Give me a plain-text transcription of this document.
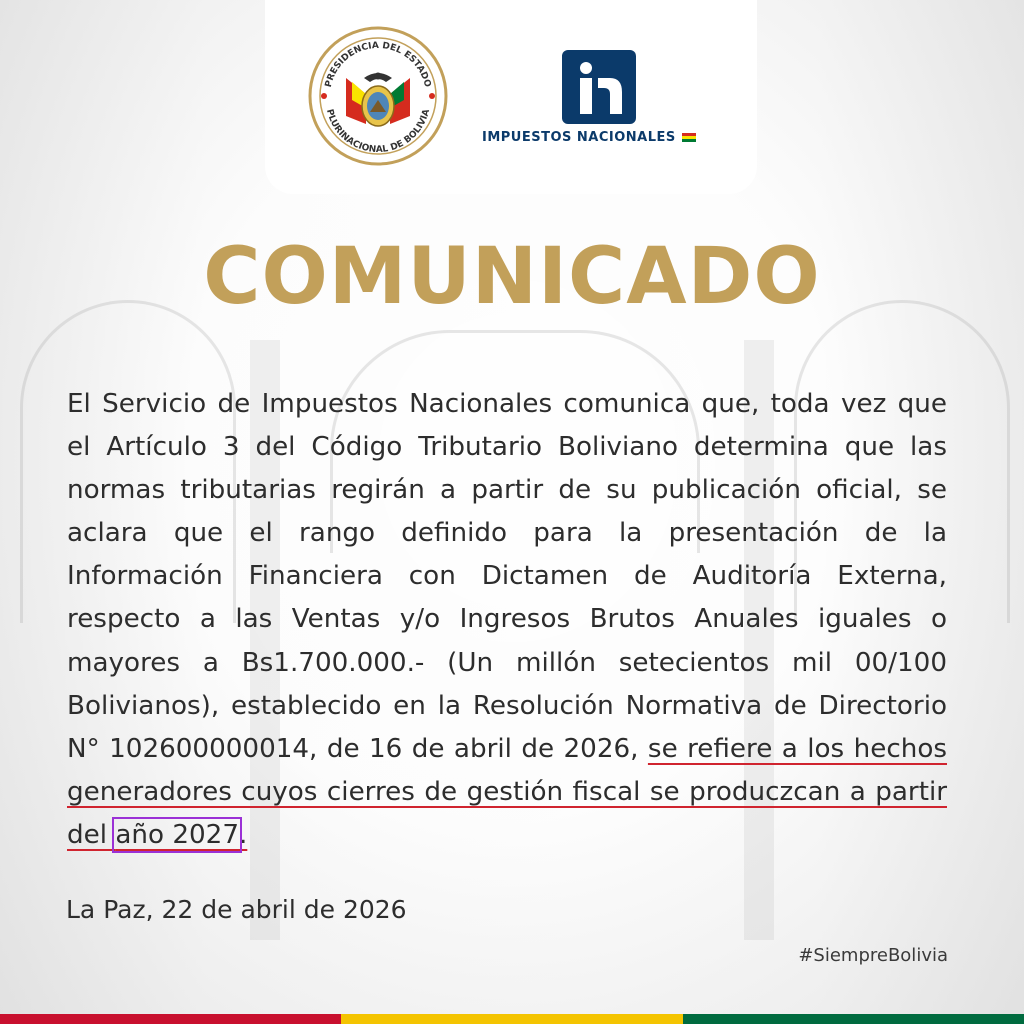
PRESIDENCIA DEL ESTADO
PLURINACIONAL DE BOLIVIA
IMPUESTOS NACIONALES
COMUNICADO
El Servicio de Impuestos Nacionales comunica que, toda vez que el Artículo 3 del Código Tributario Boliviano determina que las normas tributarias regirán a partir de su publicación oficial, se aclara que el rango definido para la presentación de la Información Financiera con Dictamen de Auditoría Externa, respecto a las Ventas y/o Ingresos Brutos Anuales iguales o mayores a Bs1.700.000.- (Un millón setecientos mil 00/100 Bolivianos), establecido en la Resolución Normativa de Directorio N° 102600000014, de 16 de abril de 2026, se refiere a los hechos generadores cuyos cierres de gestión fiscal se produczcan a partir del año 2027.
La Paz, 22 de abril de 2026
#SiempreBolivia
